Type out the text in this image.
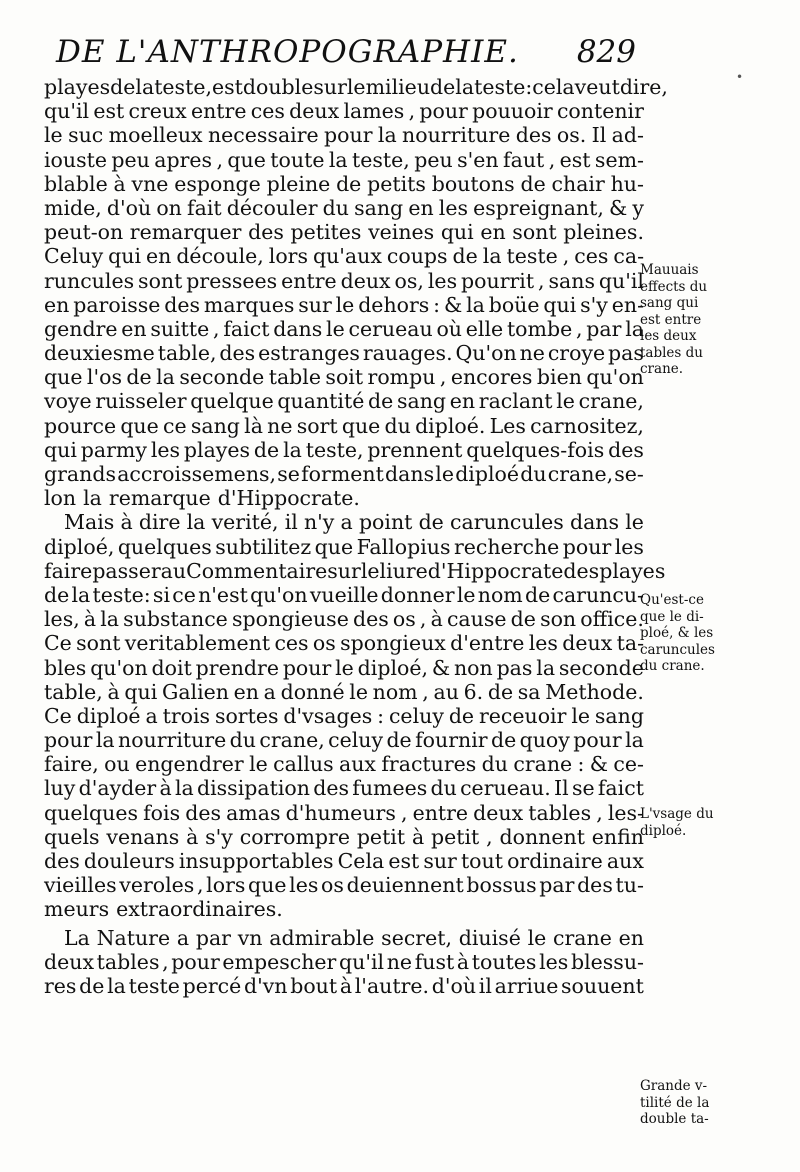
DE L'ANTHROPOGRAPHIE. 829
•
playes de la teste, est double sur le milieu de la teste: cela veut dire,
qu'il est creux entre ces deux lames , pour pouuoir contenir
le suc moelleux necessaire pour la nourriture des os. Il ad-
iouste peu apres , que toute la teste, peu s'en faut , est sem-
blable à vne esponge pleine de petits boutons de chair hu-
mide, d'où on fait découler du sang en les espreignant, & y
peut-on remarquer des petites veines qui en sont pleines.
Celuy qui en découle, lors qu'aux coups de la teste , ces ca-
runcules sont pressees entre deux os, les pourrit , sans qu'il
en paroisse des marques sur le dehors : & la boüe qui s'y en-
gendre en suitte , faict dans le cerueau où elle tombe , par la
deuxiesme table, des estranges rauages. Qu'on ne croye pas
que l'os de la seconde table soit rompu , encores bien qu'on
voye ruisseler quelque quantité de sang en raclant le crane,
pource que ce sang là ne sort que du diploé. Les carnositez,
qui parmy les playes de la teste, prennent quelques-fois des
grands accroissemens, se forment dans le diploé du crane, se-
lon la remarque d'Hippocrate.
Mais à dire la verité, il n'y a point de caruncules dans le
diploé, quelques subtilitez que Fallopius recherche pour les
faire passer au Commentaire sur le liure d'Hippocrate des playes
de la teste: si ce n'est qu'on vueille donner le nom de caruncu-
les, à la substance spongieuse des os , à cause de son office.
Ce sont veritablement ces os spongieux d'entre les deux ta-
bles qu'on doit prendre pour le diploé, & non pas la seconde
table, à qui Galien en a donné le nom , au 6. de sa Methode.
Ce diploé a trois sortes d'vsages : celuy de receuoir le sang
pour la nourriture du crane, celuy de fournir de quoy pour la
faire, ou engendrer le callus aux fractures du crane : & ce-
luy d'ayder à la dissipation des fumees du cerueau. Il se faict
quelques fois des amas d'humeurs , entre deux tables , les-
quels venans à s'y corrompre petit à petit , donnent enfin
des douleurs insupportables Cela est sur tout ordinaire aux
vieilles veroles , lors que les os deuiennent bossus par des tu-
meurs extraordinaires.
La Nature a par vn admirable secret, diuisé le crane en
deux tables , pour empescher qu'il ne fust à toutes les blessu-
res de la teste percé d'vn bout à l'autre. d'où il arriue souuent
Mauuais
effects du
sang qui
est entre
les deux
tables du
crane.
Qu'est-ce
que le di-
ploé, & les
caruncules
du crane.
L'vsage du
diploé.
Grande v-
tilité de la
double ta-
